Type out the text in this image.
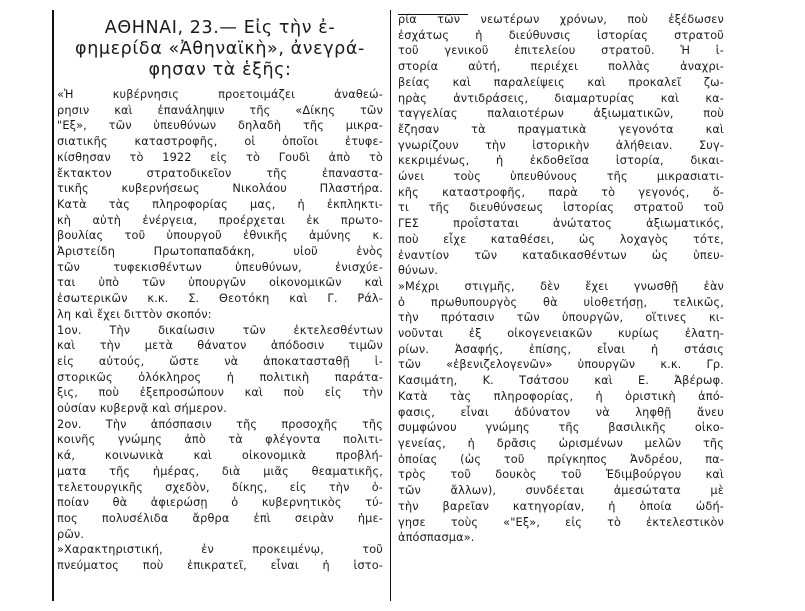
ΑΘΗΝΑΙ, 23.— Εἰς τὴν ἐ-
φημερίδα «Ἀθηναϊκὴ», ἀνεγρά-
φησαν τὰ ἑξῆς:
«Ἡ κυβέρνησις προετοιμάζει ἀναθεώ-
ρησιν καὶ ἐπανάληψιν τῆς «Δίκης τῶν
"Εξ», τῶν ὑπευθύνων δηλαδὴ τῆς μικρα-
σιατικῆς καταστροφῆς, οἱ ὁποῖοι ἐτυφε-
κίσθησαν τὸ 1922 εἰς τὸ Γουδὶ ἀπὸ τὸ
ἔκτακτον στρατοδικεῖον τῆς ἐπαναστα-
τικῆς κυβερνήσεως Νικολάου Πλαστήρα.
Κατὰ τὰς πληροφορίας μας, ἡ ἐκπληκτι-
κὴ αὐτὴ ἐνέργεια, προέρχεται ἐκ πρωτο-
βουλίας τοῦ ὑπουργοῦ ἐθνικῆς ἀμύνης κ.
Ἀριστείδη Πρωτοπαπαδάκη, υἱοῦ ἑνὸς
τῶν τυφεκισθέντων ὑπευθύνων, ἐνισχύε-
ται ὑπὸ τῶν ὑπουργῶν οἰκονομικῶν καὶ
ἐσωτερικῶν κ.κ. Σ. Θεοτόκη καὶ Γ. Ράλ-
λη καὶ ἔχει διττὸν σκοπόν:
1ον. Τὴν δικαίωσιν τῶν ἐκτελεσθέντων
καὶ τὴν μετὰ θάνατον ἀπόδοσιν τιμῶν
εἰς αὐτούς, ὥστε νὰ ἀποκατασταθῇ ἱ-
στορικῶς ὁλόκληρος ἡ πολιτικὴ παράτα-
ξις, ποὺ ἐξεπροσώπουν καὶ ποὺ εἰς τὴν
οὐσίαν κυβερνᾷ καὶ σήμερον.
2ον. Τὴν ἀπόσπασιν τῆς προσοχῆς τῆς
κοινῆς γνώμης ἀπὸ τὰ φλέγοντα πολιτι-
κά, κοινωνικὰ καὶ οἰκονομικὰ προβλή-
ματα τῆς ἡμέρας, διὰ μιᾶς θεαματικῆς,
τελετουργικῆς σχεδὸν, δίκης, εἰς τὴν ὁ-
ποίαν θὰ ἀφιερώσῃ ὁ κυβερνητικὸς τύ-
πος πολυσέλιδα ἄρθρα ἐπὶ σειρὰν ἡμε-
ρῶν.
»Χαρακτηριστική, ἐν προκειμένῳ, τοῦ
πνεύματος ποὺ ἐπικρατεῖ, εἶναι ἡ ἱστο-
ρία τῶν νεωτέρων χρόνων, ποὺ ἐξέδωσεν
ἐσχάτως ἡ διεύθυνσις ἱστορίας στρατοῦ
τοῦ γενικοῦ ἐπιτελείου στρατοῦ. Ἡ ἱ-
στορία αὐτή, περιέχει πολλὰς ἀναχρι-
βείας καὶ παραλείψεις καὶ προκαλεῖ ζω-
ηρὰς ἀντιδράσεις, διαμαρτυρίας καὶ κα-
ταγγελίας παλαιοτέρων ἀξιωματικῶν, ποὺ
ἔζησαν τὰ πραγματικὰ γεγονότα καὶ
γνωρίζουν τὴν ἱστορικὴν ἀλήθειαν. Συγ-
κεκριμένως, ἡ ἐκδοθεῖσα ἱστορία, δικαι-
ώνει τοὺς ὑπευθύνους τῆς μικρασιατι-
κῆς καταστροφῆς, παρὰ τὸ γεγονός, ὅ-
τι τῆς διευθύνσεως ἱστορίας στρατοῦ τοῦ
ΓΕΣ προΐσταται ἀνώτατος ἀξιωματικός,
ποὺ εἶχε καταθέσει, ὡς λοχαγὸς τότε,
ἐναντίον τῶν καταδικασθέντων ὡς ὑπευ-
θύνων.
»Μέχρι στιγμῆς, δὲν ἔχει γνωσθῇ ἐὰν
ὁ πρωθυπουργὸς θὰ υἱοθετήσῃ, τελικῶς,
τὴν πρότασιν τῶν ὑπουργῶν, οἵτινες κι-
νοῦνται ἐξ οἰκογενειακῶν κυρίως ἐλατη-
ρίων. Ἀσαφής, ἐπίσης, εἶναι ἡ στάσις
τῶν «ἐβενιζελογενῶν» ὑπουργῶν κ.κ. Γρ.
Κασιμάτη, Κ. Τσάτσου καὶ Ε. Ἀβέρωφ.
Κατὰ τὰς πληροφορίας, ἡ ὁριστικὴ ἀπό-
φασις, εἶναι ἀδύνατον νὰ ληφθῇ ἄνευ
συμφώνου γνώμης τῆς βασιλικῆς οἰκο-
γενείας, ἡ δρᾶσις ὡρισμένων μελῶν τῆς
ὁποίας (ὡς τοῦ πρίγκηπος Ἀνδρέου, πα-
τρὸς τοῦ δουκὸς τοῦ Ἐδιμβούργου καὶ
τῶν ἄλλων), συνδέεται ἀμεσώτατα μὲ
τὴν βαρεῖαν κατηγορίαν, ἡ ὁποία ὡδή-
γησε τοὺς «"Εξ», εἰς τὸ ἐκτελεστικὸν
ἀπόσπασμα».
